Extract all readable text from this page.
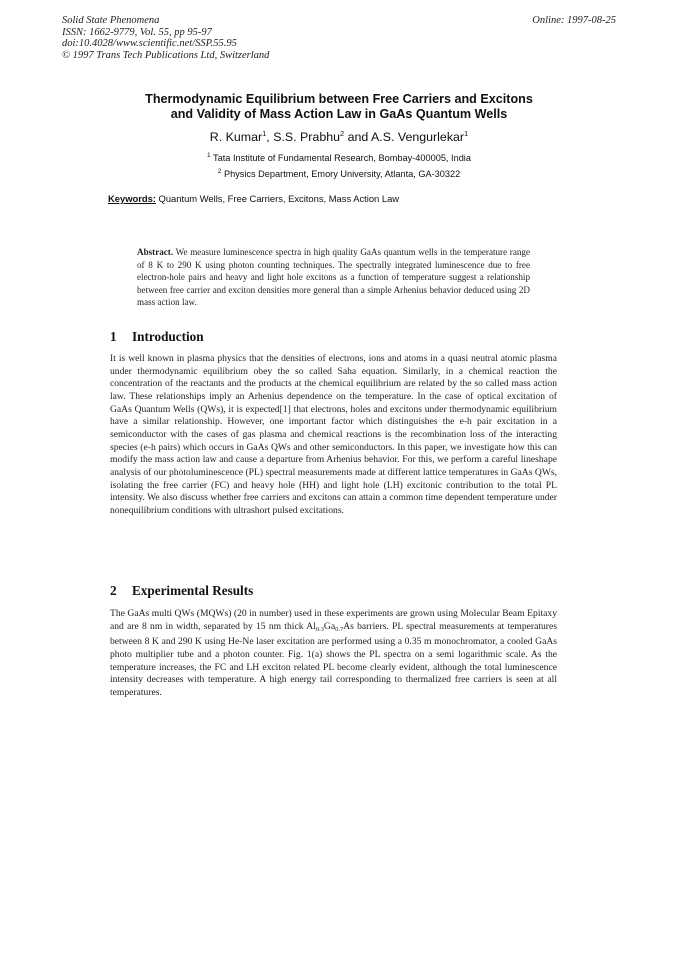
Solid State Phenomena
ISSN: 1662-9779, Vol. 55, pp 95-97
doi:10.4028/www.scientific.net/SSP.55.95
© 1997 Trans Tech Publications Ltd, Switzerland
Online: 1997-08-25
Thermodynamic Equilibrium between Free Carriers and Excitons
and Validity of Mass Action Law in GaAs Quantum Wells
R. Kumar$^1$, S.S. Prabhu$^2$ and A.S. Vengurlekar$^1$
$^1$ Tata Institute of Fundamental Research, Bombay-400005, India
$^2$ Physics Department, Emory University, Atlanta, GA-30322
Keywords: Quantum Wells, Free Carriers, Excitons, Mass Action Law
Abstract. We measure luminescence spectra in high quality GaAs quantum wells in the temperature range of 8 K to 290 K using photon counting techniques. The spectrally integrated luminescence due to free electron-hole pairs and heavy and light hole excitons as a function of temperature suggest a relationship between free carrier and exciton densities more general than a simple Arhenius behavior deduced using 2D mass action law.
1 Introduction
It is well known in plasma physics that the densities of electrons, ions and atoms in a quasi neutral atomic plasma under thermodynamic equilibrium obey the so called Saha equation. Similarly, in a chemical reaction the concentration of the reactants and the products at the chemical equilibrium are related by the so called mass action law. These relationships imply an Arhenius dependence on the temperature. In the case of optical excitation of GaAs Quantum Wells (QWs), it is expected[1] that electrons, holes and excitons under thermodynamic equilibrium have a similar relationship. However, one important factor which distinguishes the e-h pair excitation in a semiconductor with the cases of gas plasma and chemical reactions is the recombination loss of the interacting species (e-h pairs) which occurs in GaAs QWs and other semiconductors. In this paper, we investigate how this can modify the mass action law and cause a departure from Arhenius behavior. For this, we perform a careful lineshape analysis of our photoluminescence (PL) spectral measurements made at different lattice temperatures in GaAs QWs, isolating the free carrier (FC) and heavy hole (HH) and light hole (LH) excitonic contribution to the total PL intensity. We also discuss whether free carriers and excitons can attain a common time dependent temperature under nonequilibrium conditions with ultrashort pulsed excitations.
2 Experimental Results
The GaAs multi QWs (MQWs) (20 in number) used in these experiments are grown using Molecular Beam Epitaxy and are 8 nm in width, separated by 15 nm thick $Al_{0.3}Ga_{0.7}As$ barriers. PL spectral measurements at temperatures between 8 K and 290 K using He-Ne laser excitation are performed using a 0.35 m monochromator, a cooled GaAs photo multiplier tube and a photon counter. Fig. 1(a) shows the PL spectra on a semi logarithmic scale. As the temperature increases, the FC and LH exciton related PL become clearly evident, although the total luminescence intensity decreases with temperature. A high energy tail corresponding to thermalized free carriers is seen at all temperatures.
